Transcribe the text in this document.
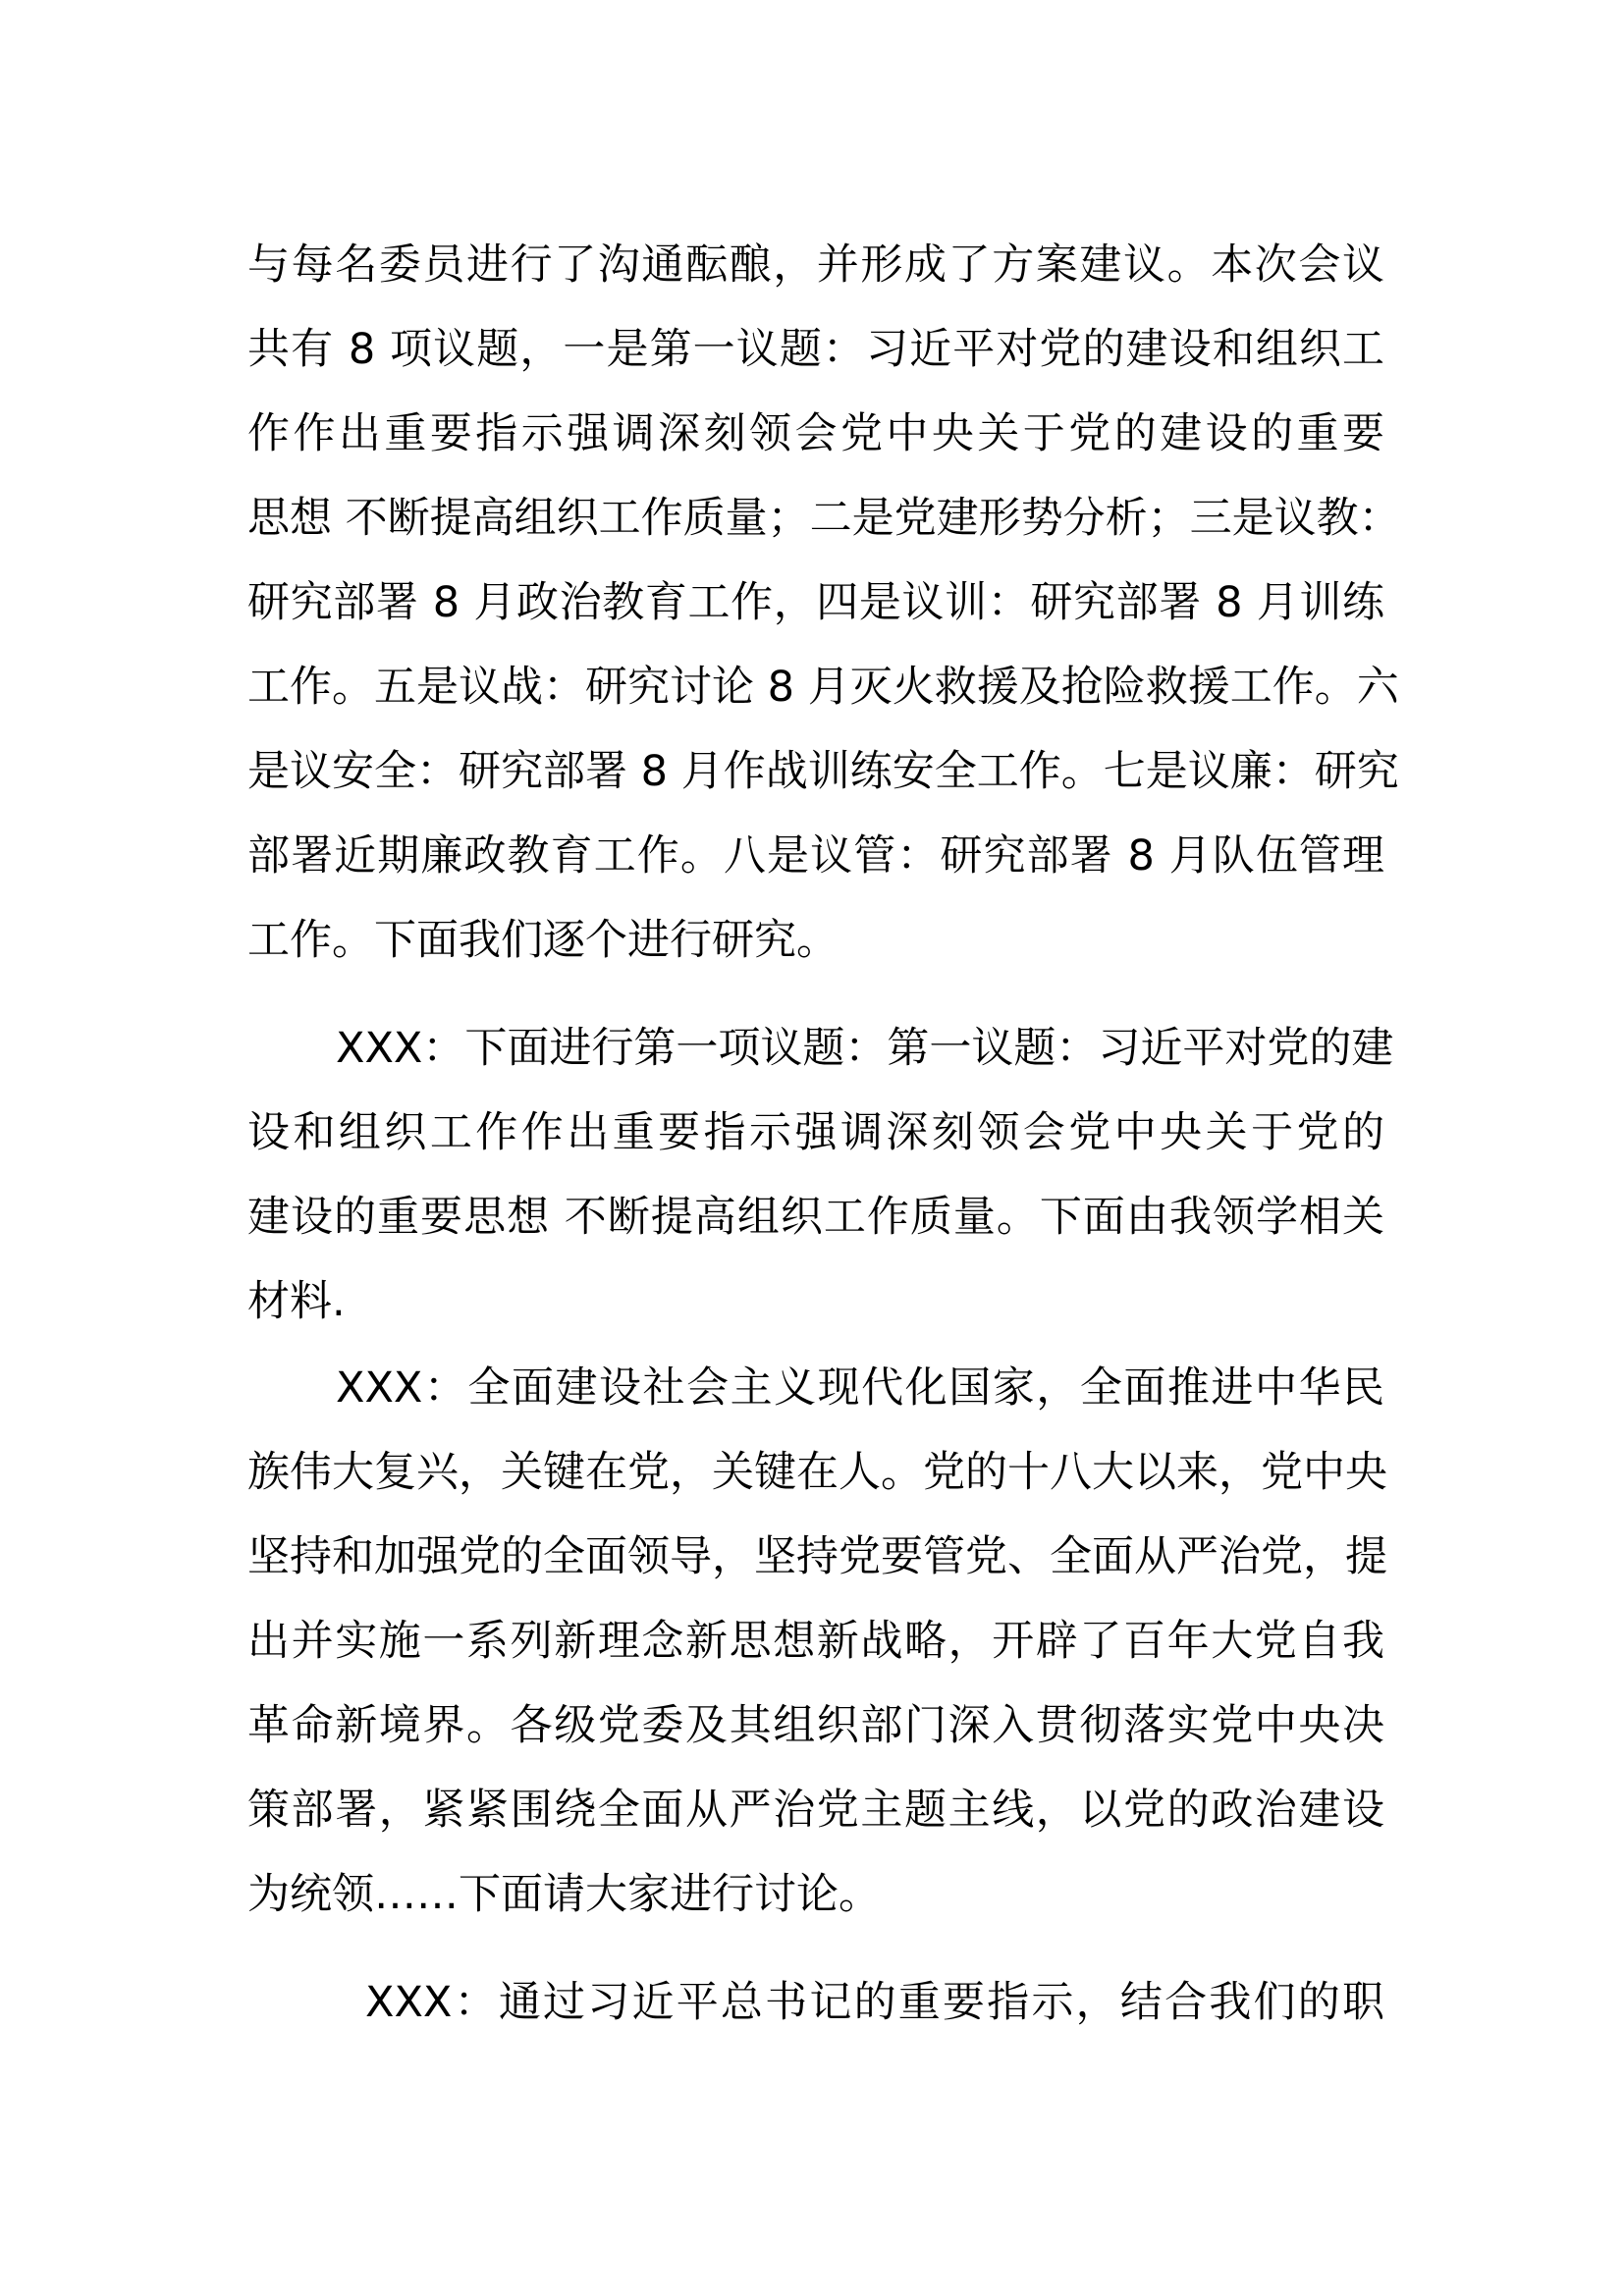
与每名委员进行了沟通酝酿，并形成了方案建议。本次会议
共有 8 项议题，一是第一议题：习近平对党的建设和组织工
作作出重要指示强调深刻领会党中央关于党的建设的重要
思想 不断提高组织工作质量；二是党建形势分析；三是议教：
研究部署 8 月政治教育工作，四是议训：研究部署 8 月训练
工作。五是议战：研究讨论 8 月灭火救援及抢险救援工作。六
是议安全：研究部署 8 月作战训练安全工作。七是议廉：研究
部署近期廉政教育工作。八是议管：研究部署 8 月队伍管理
工作。下面我们逐个进行研究。
XXX：下面进行第一项议题：第一议题：习近平对党的建
设和组织工作作出重要指示强调深刻领会党中央关于党的
建设的重要思想 不断提高组织工作质量。下面由我领学相关
材料.
XXX：全面建设社会主义现代化国家，全面推进中华民
族伟大复兴，关键在党，关键在人。党的十八大以来，党中央
坚持和加强党的全面领导，坚持党要管党、全面从严治党，提
出并实施一系列新理念新思想新战略，开辟了百年大党自我
革命新境界。各级党委及其组织部门深入贯彻落实党中央决
策部署，紧紧围绕全面从严治党主题主线，以党的政治建设
为统领……下面请大家进行讨论。
XXX：通过习近平总书记的重要指示，结合我们的职
